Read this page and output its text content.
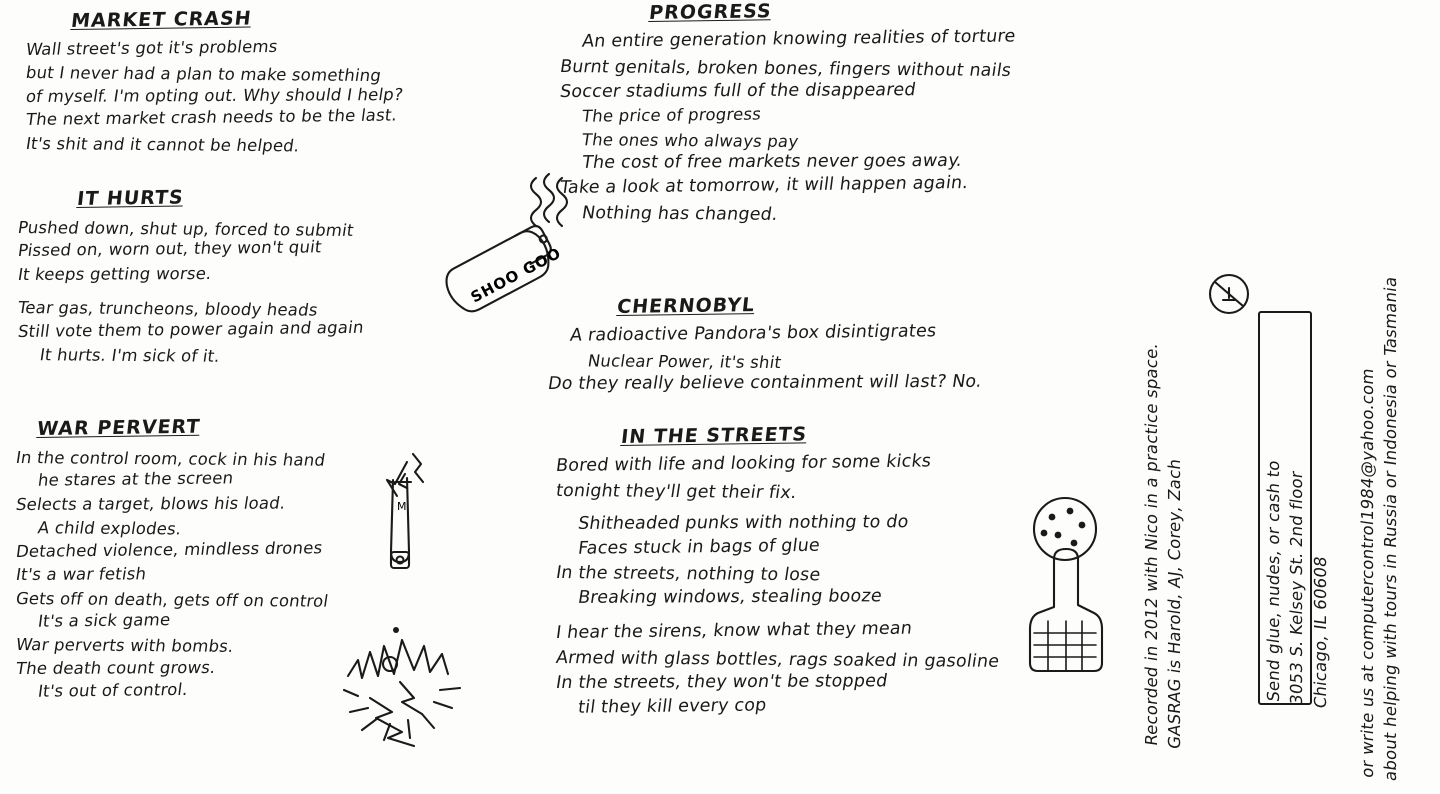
MARKET CRASH
Wall street's got it's problems
but I never had a plan to make something
of myself. I'm opting out. Why should I help?
The next market crash needs to be the last.
It's shit and it cannot be helped.
IT HURTS
Pushed down, shut up, forced to submit
Pissed on, worn out, they won't quit
It keeps getting worse.
Tear gas, truncheons, bloody heads
Still vote them to power again and again
It hurts. I'm sick of it.
WAR PERVERT
In the control room, cock in his hand
he stares at the screen
Selects a target, blows his load.
A child explodes.
Detached violence, mindless drones
It's a war fetish
Gets off on death, gets off on control
It's a sick game
War perverts with bombs.
The death count grows.
It's out of control.
PROGRESS
An entire generation knowing realities of torture
Burnt genitals, broken bones, fingers without nails
Soccer stadiums full of the disappeared
The price of progress
The ones who always pay
The cost of free markets never goes away.
Take a look at tomorrow, it will happen again.
Nothing has changed.
CHERNOBYL
A radioactive Pandora's box disintigrates
Nuclear Power, it's shit
Do they really believe containment will last? No.
IN THE STREETS
Bored with life and looking for some kicks
tonight they'll get their fix.
Shitheaded punks with nothing to do
Faces stuck in bags of glue
In the streets, nothing to lose
Breaking windows, stealing booze
I hear the sirens, know what they mean
Armed with glass bottles, rags soaked in gasoline
In the streets, they won't be stopped
til they kill every cop	Recorded in 2012 with Nico in a practice space. GASRAG is Harold, AJ, Corey, Zach	Send glue, nudes, or cash to 3053 S. Kelsey St. 2nd floor Chicago, IL 60608 or write us at computercontrol1984@yahoo.com about helping with tours in Russia or Indonesia or Tasmania
SHOO GOO
M
